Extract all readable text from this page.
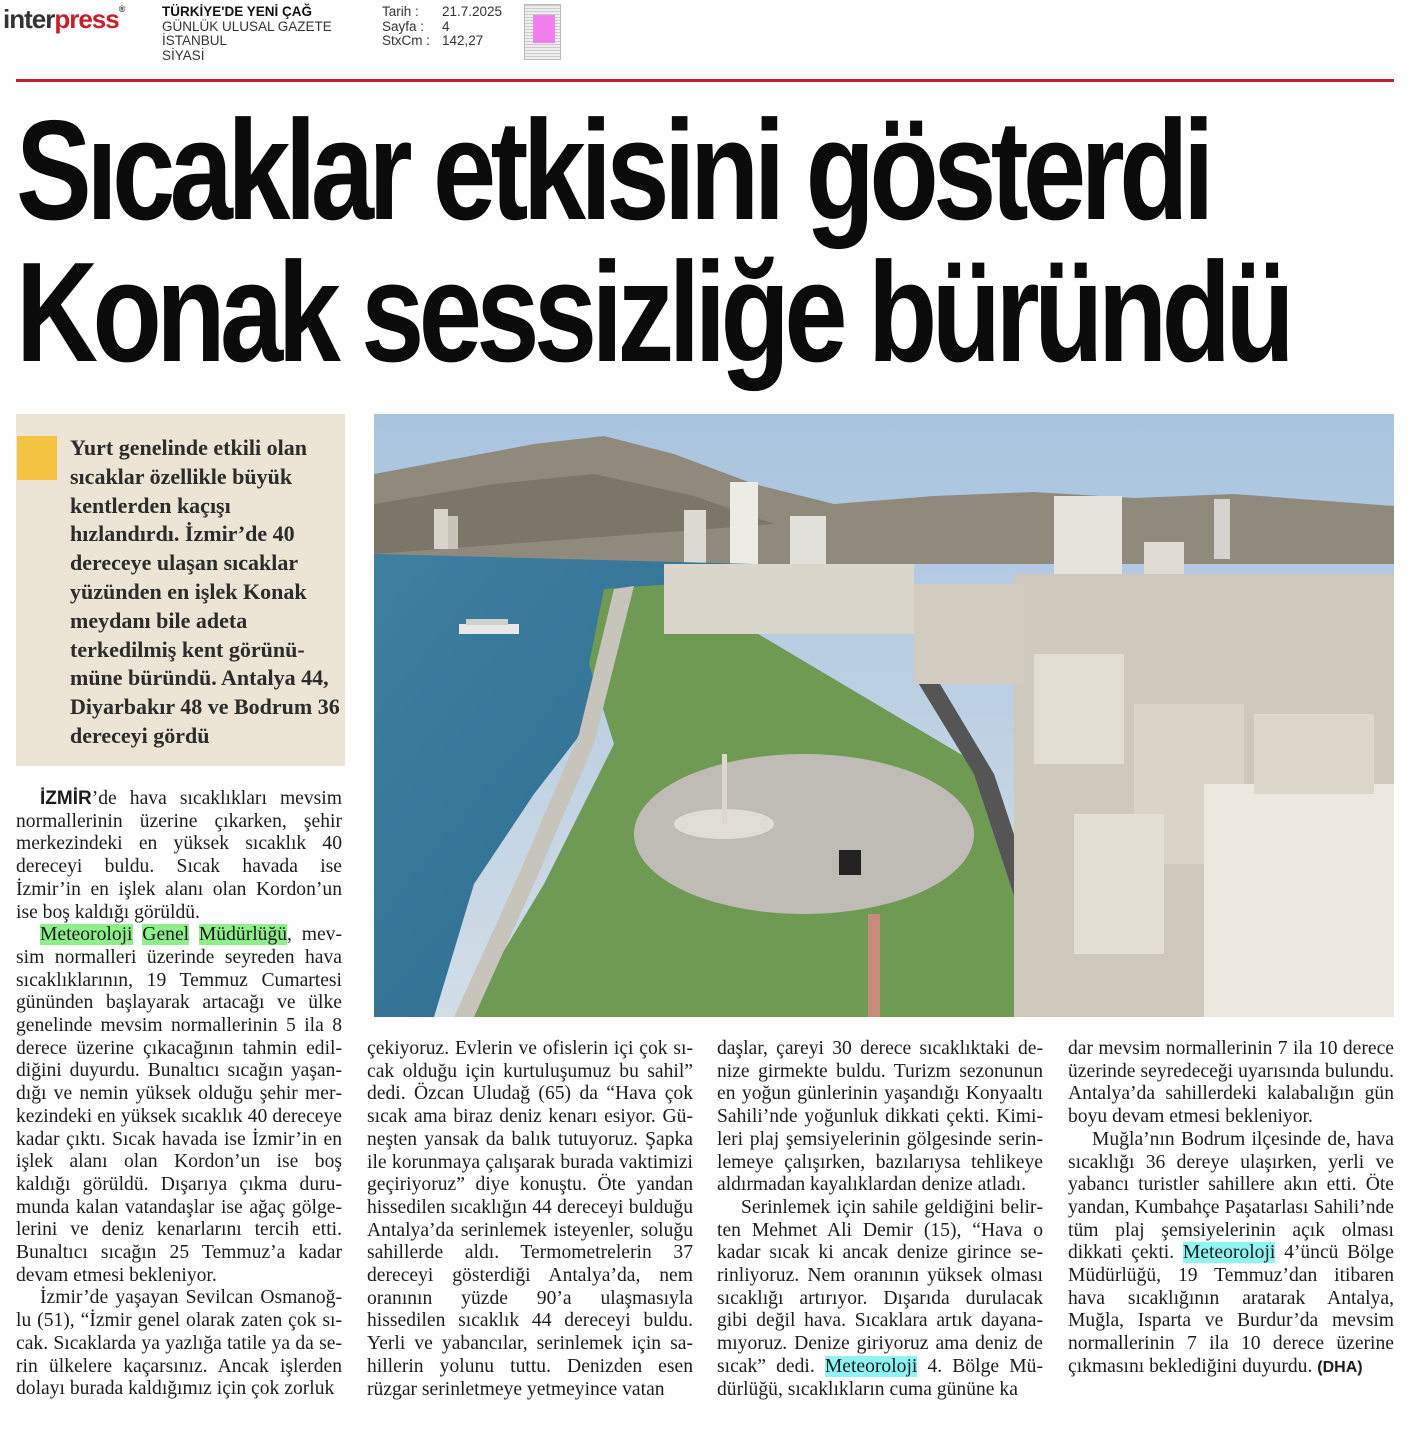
interpress®	TÜRKİYE'DE YENİ ÇAĞ
GÜNLÜK ULUSAL GAZETE
İSTANBUL
SİYASİ
Tarih :	21.7.2025
Sayfa :	4
StxCm : 142,27
Sıcaklar etkisini gösterdi
Konak sessizliğe büründü

Yurt genelinde etkili olan sıcaklar özellikle büyük kentlerden kaçışı hızlandırdı. İzmir’de 40 dereceye ulaşan sıcaklar yüzünden en işlek Konak meydanı bile adeta terkedilmiş kent görünümüne büründü. Antalya 44, Diyarbakır 48 ve Bodrum 36 dereceyi gördü

İZMİR’de hava sıcaklıkları mevsim normallerinin üzerine çıkarken, şehir merkezindeki en yüksek sıcaklık 40 dereceyi buldu. Sıcak havada ise İzmir’in en işlek alanı olan Kordon’un ise boş kaldığı görüldü.

Meteoroloji Genel Müdürlüğü, mevsim normalleri üzerinde seyreden hava sıcaklıklarının, 19 Temmuz Cumartesi gününden başlayarak artacağı ve ülke genelinde mevsim normallerinin 5 ila 8 derece üzerine çıkacağının tahmin edildiğini duyurdu. Bunaltıcı sıcağın yaşandığı ve nemin yüksek olduğu şehir merkezindeki en yüksek sıcaklık 40 dereceye kadar çıktı. Sıcak havada ise İzmir’in en işlek alanı olan Kordon’un ise boş kaldığı görüldü. Dışarıya çıkma durumunda kalan vatandaşlar ise ağaç gölgelerini ve deniz kenarlarını tercih etti. Bunaltıcı sıcağın 25 Temmuz’a kadar devam etmesi bekleniyor.

İzmir’de yaşayan Sevilcan Osmanoğlu (51), “İzmir genel olarak zaten çok sıcak. Sıcaklarda ya yazlığa tatile ya da serin ülkelere kaçarsınız. Ancak işlerden dolayı burada kaldığımız için çok zorluk

çekiyoruz. Evlerin ve ofislerin içi çok sıcak olduğu için kurtuluşumuz bu sahil” dedi. Özcan Uludağ (65) da “Hava çok sıcak ama biraz deniz kenarı esiyor. Güneşten yansak da balık tutuyoruz. Şapka ile korunmaya çalışarak burada vaktimizi geçiriyoruz” diye konuştu. Öte yandan hissedilen sıcaklığın 44 dereceyi bulduğu Antalya’da serinlemek isteyenler, soluğu sahillerde aldı. Termometrelerin 37 dereceyi gösterdiği Antalya’da, nem oranının yüzde 90’a ulaşmasıyla hissedilen sıcaklık 44 dereceyi buldu. Yerli ve yabancılar, serinlemek için sahillerin yolunu tuttu. Denizden esen rüzgar serinletmeye yetmeyince vatan

daşlar, çareyi 30 derece sıcaklıktaki denize girmekte buldu. Turizm sezonunun en yoğun günlerinin yaşandığı Konyaaltı Sahili’nde yoğunluk dikkati çekti. Kimileri plaj şemsiyelerinin gölgesinde serinlemeye çalışırken, bazılarıysa tehlikeye aldırmadan kayalıklardan denize atladı.

Serinlemek için sahile geldiğini belirten Mehmet Ali Demir (15), “Hava o kadar sıcak ki ancak denize girince serinliyoruz. Nem oranının yüksek olması sıcaklığı artırıyor. Dışarıda durulacak gibi değil hava. Sıcaklara artık dayanamıyoruz. Denize giriyoruz ama deniz de sıcak” dedi. Meteoroloji 4. Bölge Müdürlüğü, sıcaklıkların cuma gününe ka

dar mevsim normallerinin 7 ila 10 derece üzerinde seyredeceği uyarısında bulundu. Antalya’da sahillerdeki kalabalığın gün boyu devam etmesi bekleniyor.

Muğla’nın Bodrum ilçesinde de, hava sıcaklığı 36 dereye ulaşırken, yerli ve yabancı turistler sahillere akın etti. Öte yandan, Kumbahçe Paşatarlası Sahili’nde tüm plaj şemsiyelerinin açık olması dikkati çekti. Meteoroloji 4’üncü Bölge Müdürlüğü, 19 Temmuz’dan itibaren hava sıcaklığının aratarak Antalya, Muğla, Isparta ve Burdur’da mevsim normallerinin 7 ila 10 derece üzerine çıkmasını beklediğini duyurdu. (DHA)
